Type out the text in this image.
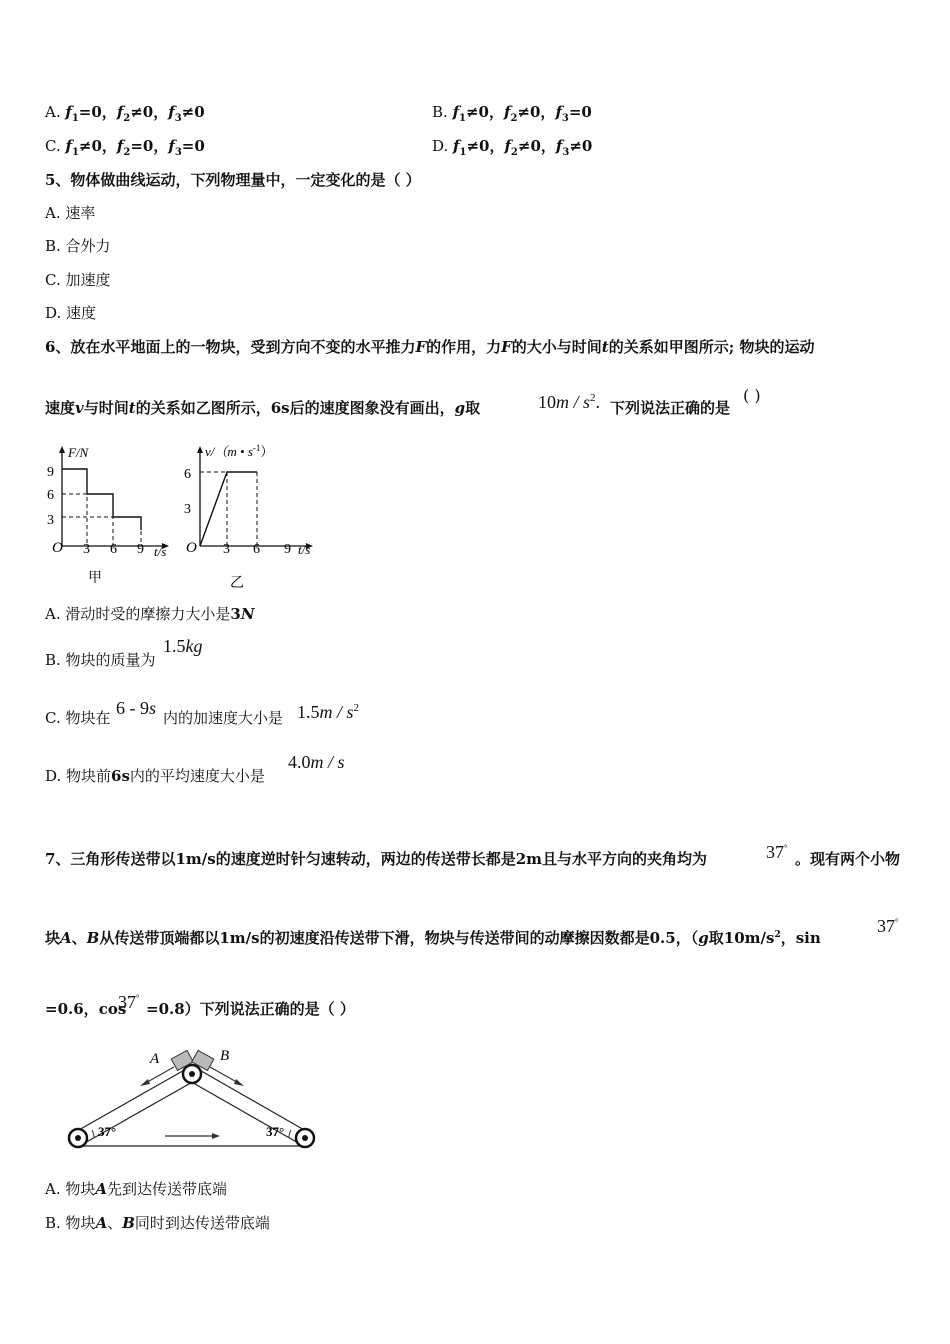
A. $f_1=0$，$f_2\ne 0$，$f_3\ne 0$	B. $f_1\ne 0$，$f_2\ne 0$，$f_3=0$
C. $f_1\ne 0$，$f_2=0$，$f_3=0$	D. $f_1\ne 0$，$f_2\ne 0$，$f_3\ne 0$
5、物体做曲线运动，下列物理量中，一定变化的是（ ）
A. 速率
B. 合外力
C. 加速度
D. 速度
6、放在水平地面上的一物块，受到方向不变的水平推力F的作用，力F的大小与时间t的关系如甲图所示; 物块的运动
速度v与时间t的关系如乙图所示，6s后的速度图象没有画出，g取	$10m / s^2$. 下列说法正确的是
( )
F/N
9
6
3
O 3 6 9 t/s
甲
v/（m • $s^{-1}$）
6
3
O 3 6 9 t/s
乙
A. 滑动时受的摩擦力大小是3N
B. 物块的质量为
1.5kg
C. 物块在 6 - 9s 内的加速度大小是 $1.5m / s^2$
D. 物块前6s内的平均速度大小是
4.0m / s
7、三角形传送带以1m/s的速度逆时针匀速转动，两边的传送带长都是2m且与水平方向的夹角均为	37°
。现有两个小物
块A、B从传送带顶端都以1m/s的初速度沿传送带下滑，物块与传送带间的动摩擦因数都是0.5，（g取$10m/s^2$，sin
37°
=0.6，cos
37°
=0.8）下列说法正确的是（ ）
A	B
37°	37°
A. 物块A先到达传送带底端
B. 物块A、B同时到达传送带底端
